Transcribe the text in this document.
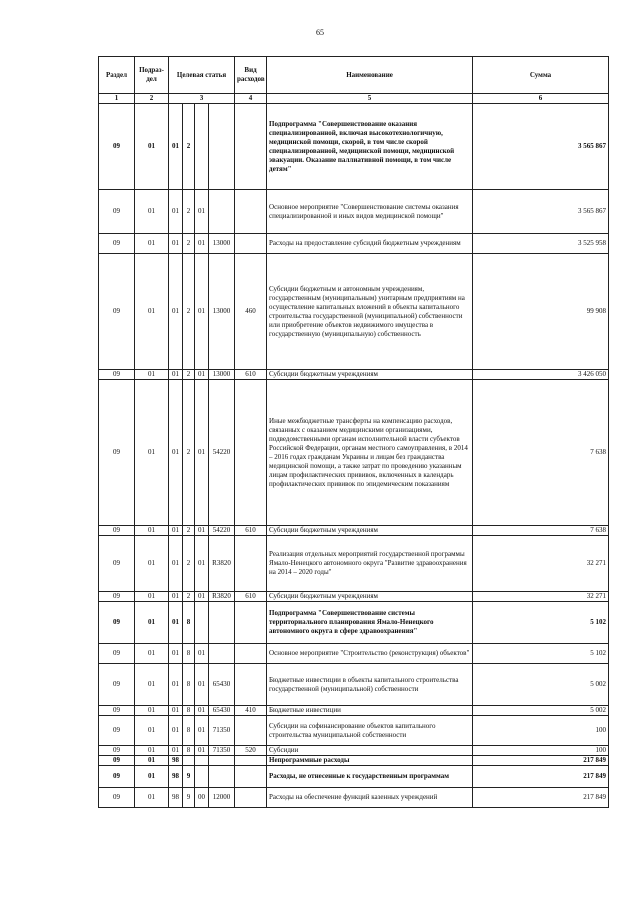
65
Раздел	Подраз-дел	Целевая статья				Вид расходов	Наименование	Сумма
1	2	3				4	5	6
09	01	01	2				Подпрограмма "Совершенствование оказания специализированной, включая высокотехнологичную, медицинской помощи, скорой, в том числе скорой специализированной, медицинской помощи, медицинской эвакуации. Оказание паллиативной помощи, в том числе детям"	3 565 867
09	01	01	2	01			Основное мероприятие "Совершенствование системы оказания специализированной и иных видов медицинской помощи"	3 565 867
09	01	01	2	01	13000		Расходы на предоставление субсидий бюджетным учреждениям	3 525 958
09	01	01	2	01	13000	460	Субсидии бюджетным и автономным учреждениям, государственным (муниципальным) унитарным предприятиям на осуществление капитальных вложений в объекты капитального строительства государственной (муниципальной) собственности или приобретение объектов недвижимого имущества в государственную (муниципальную) собственность	99 908
09	01	01	2	01	13000	610	Субсидии бюджетным учреждениям	3 426 050
09	01	01	2	01	54220		Иные межбюджетные трансферты на компенсацию расходов, связанных с оказанием медицинскими организациями, подведомственными органам исполнительной власти субъектов Российской Федерации, органам местного самоуправления, в 2014 – 2016 годах гражданам Украины и лицам без гражданства медицинской помощи, а также затрат по проведению указанным лицам профилактических прививок, включенных в календарь профилактических прививок по эпидемическим показаниям	7 638
09	01	01	2	01	54220	610	Субсидии бюджетным учреждениям	7 638
09	01	01	2	01	R3820		Реализация отдельных мероприятий государственной программы Ямало-Ненецкого автономного округа "Развитие здравоохранения на 2014 – 2020 годы"	32 271
09	01	01	2	01	R3820	610	Субсидии бюджетным учреждениям	32 271
09	01	01	8				Подпрограмма "Совершенствование системы территориального планирования Ямало-Ненецкого автономного округа в сфере здравоохранения"	5 102
09	01	01	8	01			Основное мероприятие "Строительство (реконструкция) объектов"	5 102
09	01	01	8	01	65430		Бюджетные инвестиции в объекты капитального строительства государственной (муниципальной) собственности	5 002
09	01	01	8	01	65430	410	Бюджетные инвестиции	5 002
09	01	01	8	01	71350		Субсидии на софинансирование объектов капитального строительства муниципальной собственности	100
09	01	01	8	01	71350	520	Субсидии	100
09	01	98					Непрограммные расходы	217 849
09	01	98	9				Расходы, не отнесенные к государственным программам	217 849
09	01	98	9	00	12000		Расходы на обеспечение функций казенных учреждений	217 849
